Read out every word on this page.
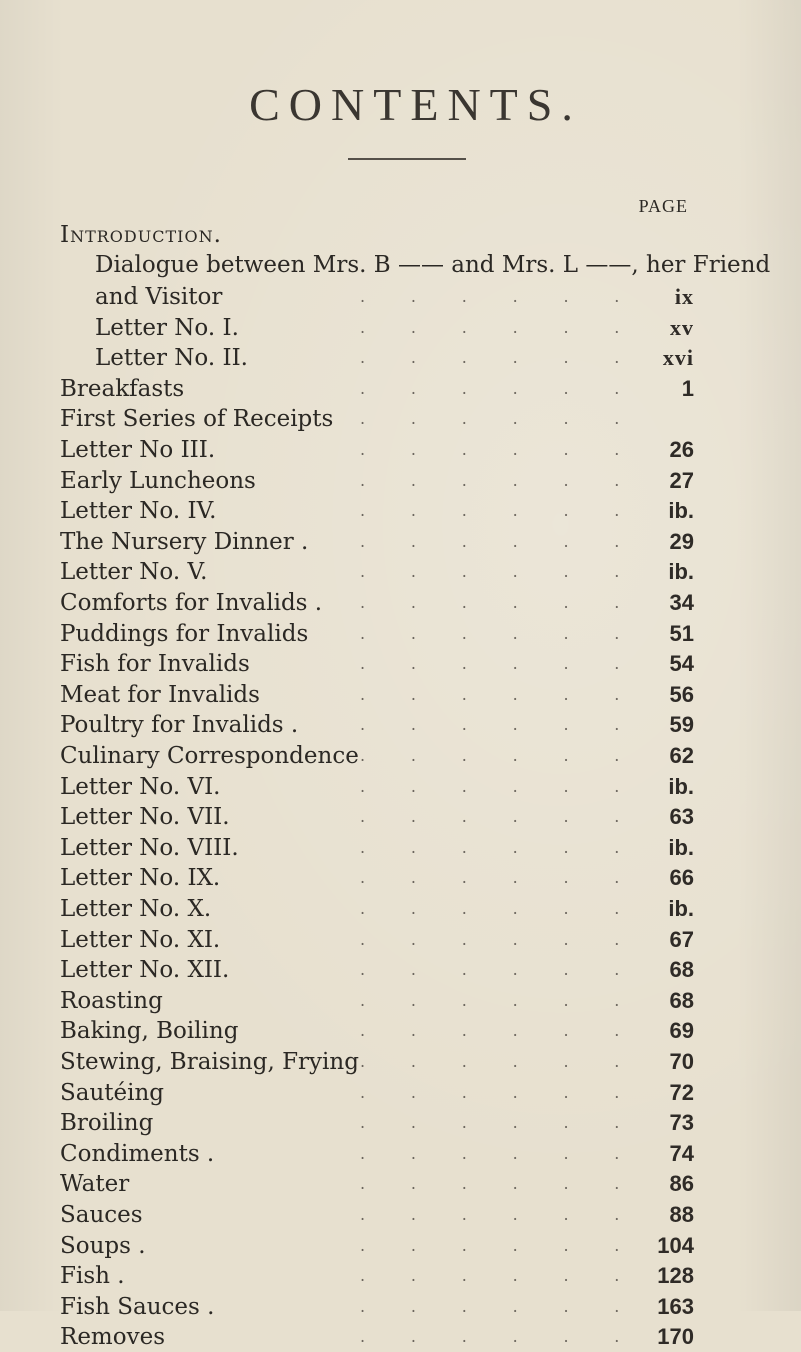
CONTENTS.
PAGE
Introduction.
Dialogue between Mrs. B —— and Mrs. L ——, her Friend
and Visitor	.         .         .         .         .         .	ix
Letter No. I.	.         .         .         .         .         .	xv
Letter No. II.	.         .         .         .         .         .	xvi
Breakfasts	.         .         .         .         .         .	1
First Series of Receipts .         .         .         .         .         .
Letter No III.	.         .         .         .         .         .	26
Early Luncheons	.         .         .         .         .         .	27
Letter No. IV.	.         .         .         .         .         .	ib.
The Nursery Dinner .	.         .         .         .         .         .	29
Letter No. V.	.         .         .         .         .         .	ib.
Comforts for Invalids . .         .         .         .         .         .	34
Puddings for Invalids	.         .         .         .         .         .	51
Fish for Invalids	.         .         .         .         .         .	54
Meat for Invalids	.         .         .         .         .         .	56
Poultry for Invalids .	.         .         .         .         .         .	59
Culinary Correspondence .         .         .         .         .         .	62
Letter No. VI.	.         .         .         .         .         .	ib.
Letter No. VII.	.         .         .         .         .         .	63
Letter No. VIII.	.         .         .         .         .         .	ib.
Letter No. IX.	.         .         .         .         .         .	66
Letter No. X.	.         .         .         .         .         .	ib.
Letter No. XI.	.         .         .         .         .         .	67
Letter No. XII.	.         .         .         .         .         .	68
Roasting	.         .         .         .         .         .	68
Baking, Boiling	.         .         .         .         .         .	69
Stewing, Braising, Frying .         .         .         .         .         .	70
Sautéing	.         .         .         .         .         .	72
Broiling	.         .         .         .         .         .	73
Condiments .	.         .         .         .         .         .	74
Water	.         .         .         .         .         .	86
Sauces	.         .         .         .         .         .	88
Soups .	.         .         .         .         .         .	104
Fish .	.         .         .         .         .         .	128
Fish Sauces .	.         .         .         .         .         .	163
Removes	.         .         .         .         .         .	170
